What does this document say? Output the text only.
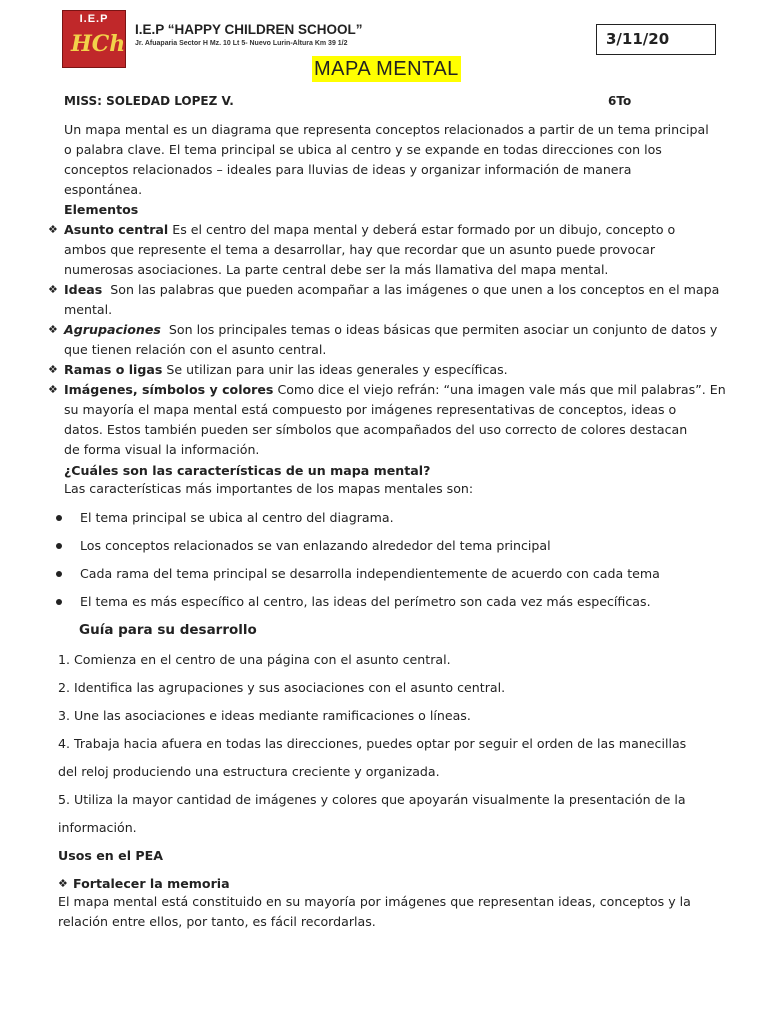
I.E.P
HCh
I.E.P “HAPPY CHILDREN SCHOOL”
Jr. Afuaparia Sector H Mz. 10 Lt 5- Nuevo Lurin-Altura Km 39 1/2	3/11/20
MAPA MENTAL
MISS: SOLEDAD LOPEZ V.	6To

Un mapa mental es un diagrama que representa conceptos relacionados a partir de un tema principal

o palabra clave. El tema principal se ubica al centro y se expande en todas direcciones con los

conceptos relacionados – ideales para lluvias de ideas y organizar información de manera

espontánea.

Elementos

❖ Asunto central Es el centro del mapa mental y deberá estar formado por un dibujo, concepto o

ambos que represente el tema a desarrollar, hay que recordar que un asunto puede provocar

numerosas asociaciones. La parte central debe ser la más llamativa del mapa mental.

❖ Ideas Son las palabras que pueden acompañar a las imágenes o que unen a los conceptos en el mapa

mental.

❖ Agrupaciones Son los principales temas o ideas básicas que permiten asociar un conjunto de datos y

que tienen relación con el asunto central.

❖ Ramas o ligas Se utilizan para unir las ideas generales y específicas.

❖ Imágenes, símbolos y colores Como dice el viejo refrán: “una imagen vale más que mil palabras”. En

su mayoría el mapa mental está compuesto por imágenes representativas de conceptos, ideas o

datos. Estos también pueden ser símbolos que acompañados del uso correcto de colores destacan

de forma visual la información.

¿Cuáles son las características de un mapa mental?

Las características más importantes de los mapas mentales son:

El tema principal se ubica al centro del diagrama.

Los conceptos relacionados se van enlazando alrededor del tema principal

Cada rama del tema principal se desarrolla independientemente de acuerdo con cada tema

El tema es más específico al centro, las ideas del perímetro son cada vez más específicas.

Guía para su desarrollo

1. Comienza en el centro de una página con el asunto central.

2. Identifica las agrupaciones y sus asociaciones con el asunto central.

3. Une las asociaciones e ideas mediante ramificaciones o líneas.

4. Trabaja hacia afuera en todas las direcciones, puedes optar por seguir el orden de las manecillas

del reloj produciendo una estructura creciente y organizada.

5. Utiliza la mayor cantidad de imágenes y colores que apoyarán visualmente la presentación de la

información.

Usos en el PEA

❖ Fortalecer la memoria

El mapa mental está constituido en su mayoría por imágenes que representan ideas, conceptos y la

relación entre ellos, por tanto, es fácil recordarlas.
